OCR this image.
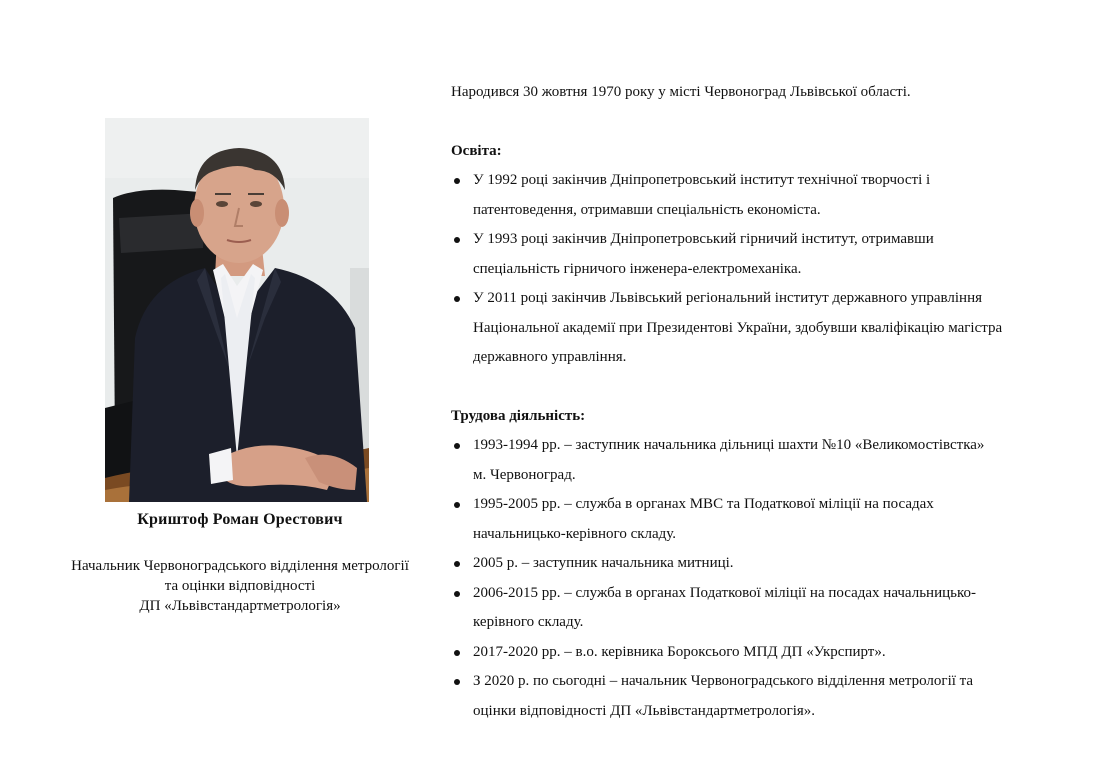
Криштоф Роман Орестович
Начальник Червоноградського відділення метрології
та оцінки відповідності
ДП «Львівстандартметрологія»

Народився 30 жовтня 1970 року у місті Червоноград Львівської області.

Освіта:

У 1992 році закінчив Дніпропетровський інститут технічної творчості і
патентоведення, отримавши спеціальність економіста.
У 1993 році закінчив Дніпропетровський гірничий інститут, отримавши
спеціальність гірничого інженера-електромеханіка.
У 2011 році закінчив Львівський регіональний інститут державного управління
Національної академії при Президентові України, здобувши кваліфікацію магістра
державного управління.

Трудова діяльність:

1993-1994 рр. – заступник начальника дільниці шахти №10 «Великомостівстка»
м. Червоноград.
1995-2005 рр. – служба в органах МВС та Податкової міліції на посадах
начальницько-керівного складу.
2005 р. – заступник начальника митниці.
2006-2015 рр. – служба в органах Податкової міліції на посадах начальницько-
керівного складу.
2017-2020 рр. – в.о. керівника Бороксього МПД ДП «Укрспирт».
З 2020 р. по сьогодні – начальник Червоноградського відділення метрології та
оцінки відповідності ДП «Львівстандартметрологія».
